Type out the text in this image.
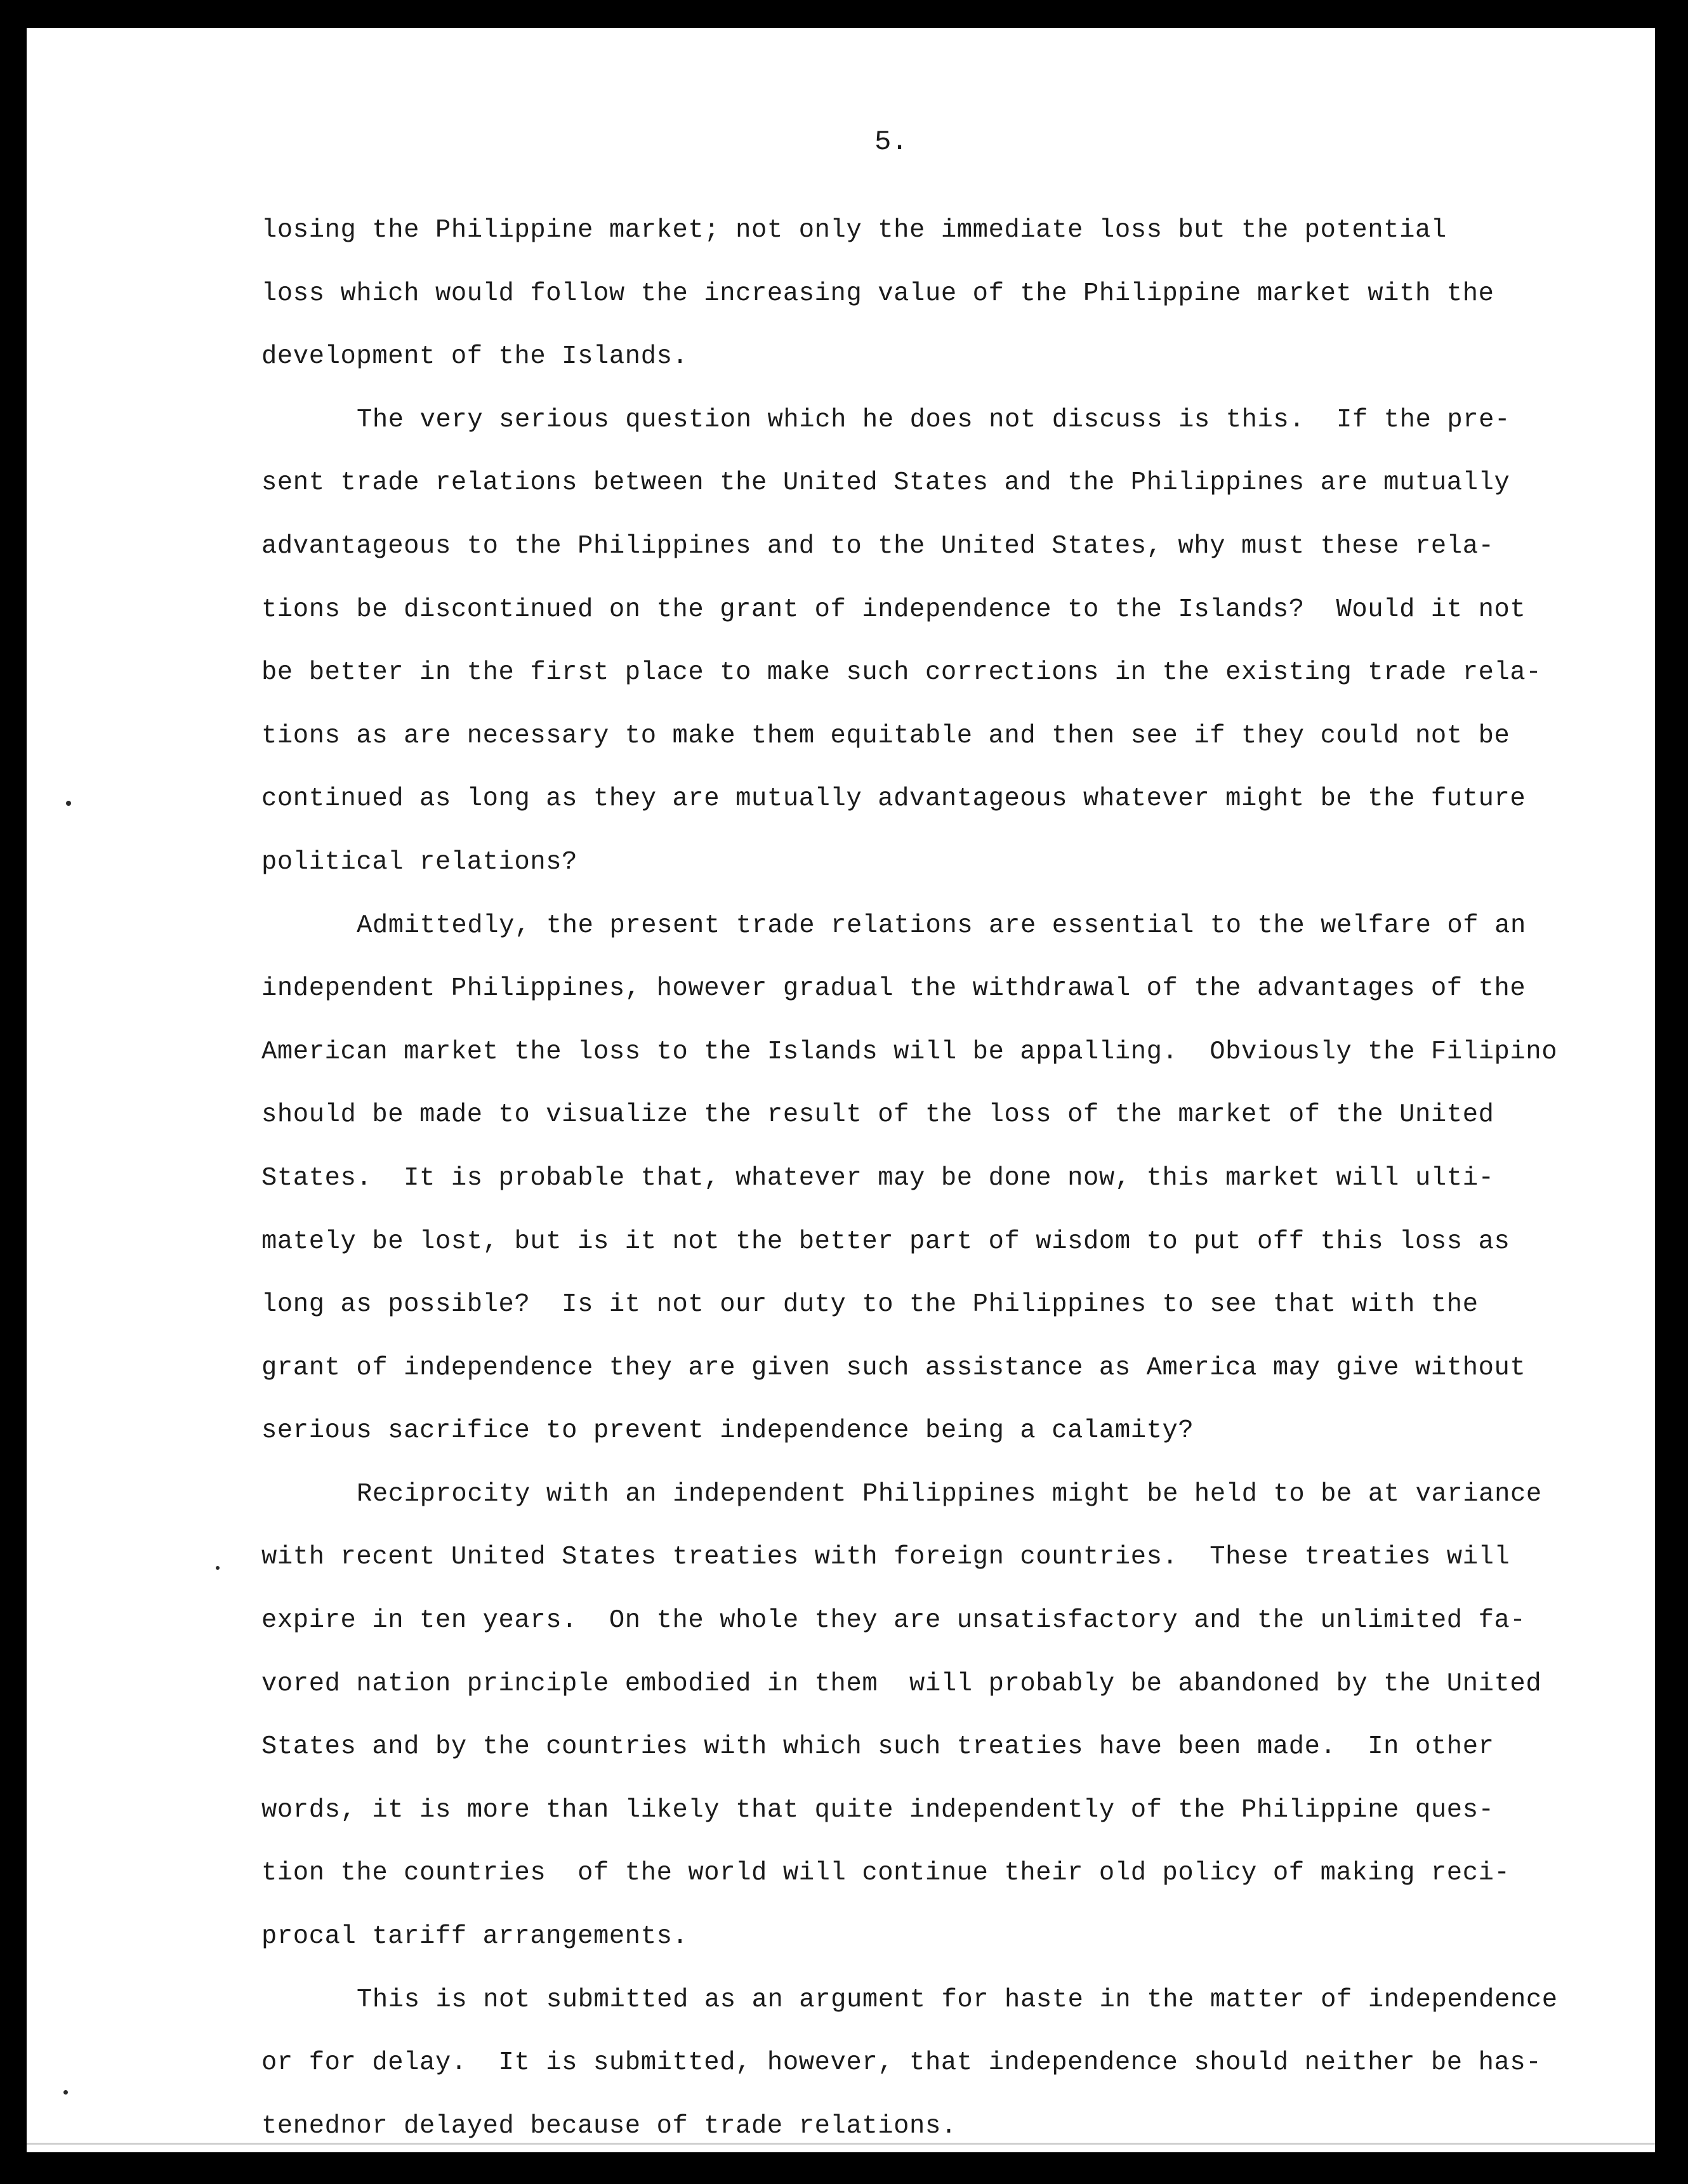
5.
losing the Philippine market; not only the immediate loss but the potential
loss which would follow the increasing value of the Philippine market with the
development of the Islands.
The very serious question which he does not discuss is this.  If the pre-
sent trade relations between the United States and the Philippines are mutually
advantageous to the Philippines and to the United States, why must these rela-
tions be discontinued on the grant of independence to the Islands?  Would it not
be better in the first place to make such corrections in the existing trade rela-
tions as are necessary to make them equitable and then see if they could not be
continued as long as they are mutually advantageous whatever might be the future
political relations?
Admittedly, the present trade relations are essential to the welfare of an
independent Philippines, however gradual the withdrawal of the advantages of the
American market the loss to the Islands will be appalling.  Obviously the Filipino
should be made to visualize the result of the loss of the market of the United
States.  It is probable that, whatever may be done now, this market will ulti-
mately be lost, but is it not the better part of wisdom to put off this loss as
long as possible?  Is it not our duty to the Philippines to see that with the
grant of independence they are given such assistance as America may give without
serious sacrifice to prevent independence being a calamity?
Reciprocity with an independent Philippines might be held to be at variance
with recent United States treaties with foreign countries.  These treaties will
expire in ten years.  On the whole they are unsatisfactory and the unlimited fa-
vored nation principle embodied in them  will probably be abandoned by the United
States and by the countries with which such treaties have been made.  In other
words, it is more than likely that quite independently of the Philippine ques-
tion the countries  of the world will continue their old policy of making reci-
procal tariff arrangements.
This is not submitted as an argument for haste in the matter of independence
or for delay.  It is submitted, however, that independence should neither be has-
tenednor delayed because of trade relations.
